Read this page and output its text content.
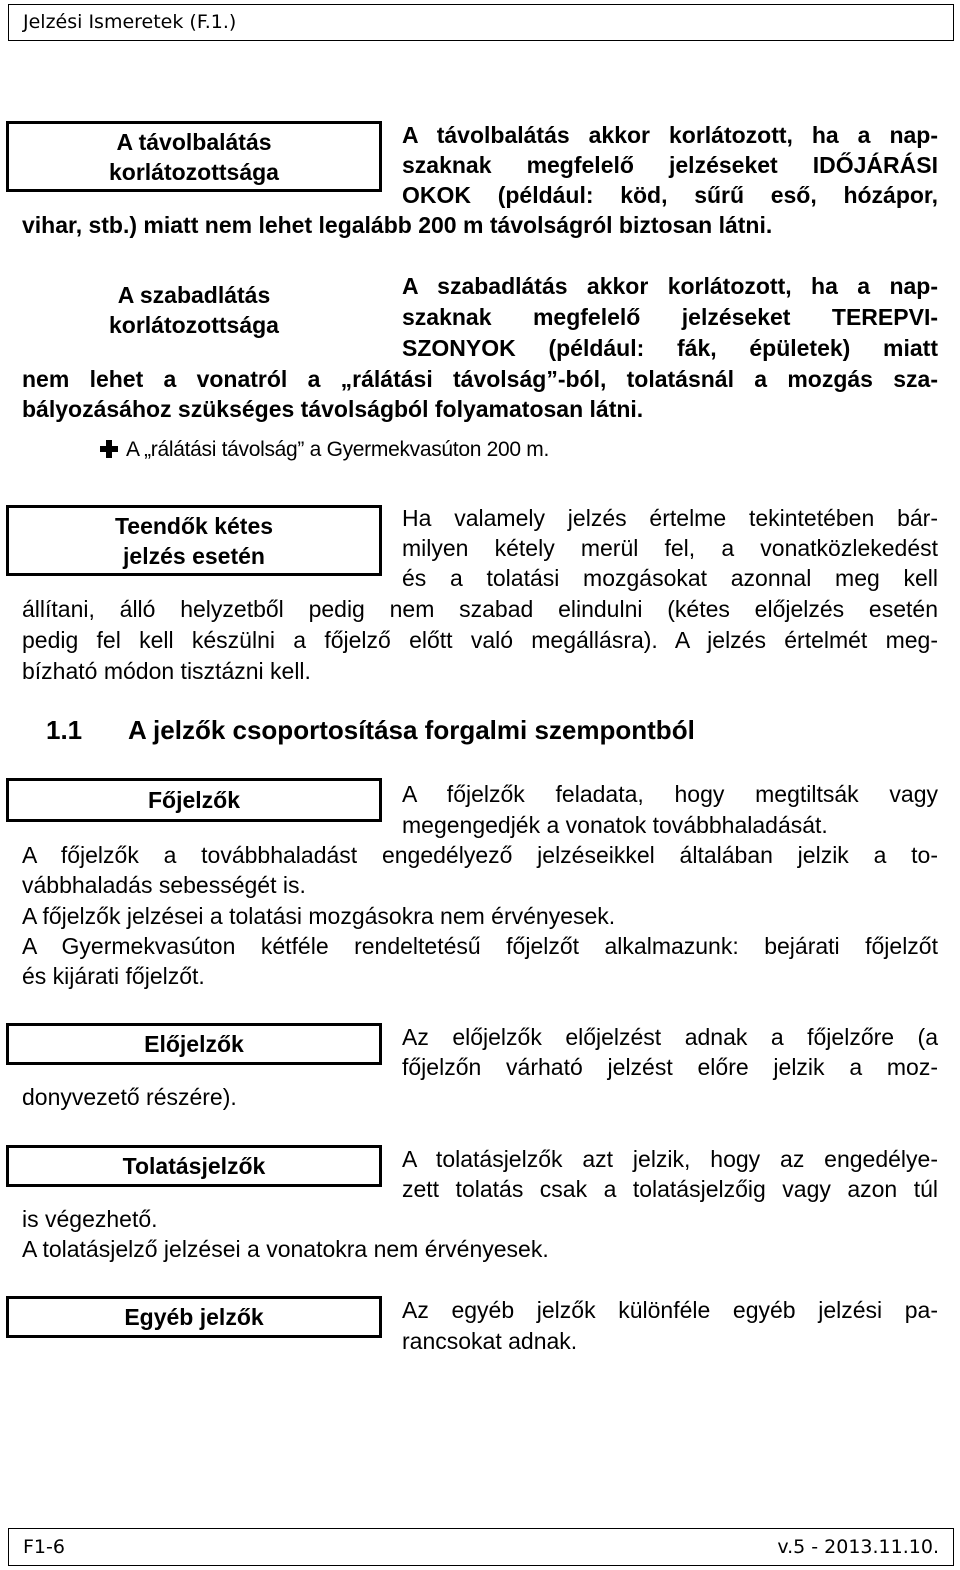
Jelzési Ismeretek (F.1.)
A távolbalátás
korlátozottsága
A távolbalátás akkor korlátozott, ha a nap-
szaknak megfelelő jelzéseket IDŐJÁRÁSI
OKOK (például: köd, sűrű eső, hózápor,
vihar, stb.) miatt nem lehet legalább 200 m távolságról biztosan látni.
A szabadlátás
korlátozottsága
A szabadlátás akkor korlátozott, ha a nap-
szaknak megfelelő jelzéseket TEREPVI-
SZONYOK (például: fák, épületek) miatt
nem lehet a vonatról a „rálátási távolság”-ból, tolatásnál a mozgás sza-
bályozásához szükséges távolságból folyamatosan látni.
A „rálátási távolság” a Gyermekvasúton 200 m.
Teendők kétes
jelzés esetén
Ha valamely jelzés értelme tekintetében bár-
milyen kétely merül fel, a vonatközlekedést
és a tolatási mozgásokat azonnal meg kell
állítani, álló helyzetből pedig nem szabad elindulni (kétes előjelzés esetén
pedig fel kell készülni a főjelző előtt való megállásra). A jelzés értelmét meg-
bízható módon tisztázni kell.
1.1 A jelzők csoportosítása forgalmi szempontból
Főjelzők	A főjelzők feladata, hogy megtiltsák vagy
megengedjék a vonatok továbbhaladását.
A főjelzők a továbbhaladást engedélyező jelzéseikkel általában jelzik a to-
vábbhaladás sebességét is.
A főjelzők jelzései a tolatási mozgásokra nem érvényesek.
A Gyermekvasúton kétféle rendeltetésű főjelzőt alkalmazunk: bejárati főjelzőt
és kijárati főjelzőt.
Előjelzők	Az előjelzők előjelzést adnak a főjelzőre (a
főjelzőn várható jelzést előre jelzik a moz-
donyvezető részére).
Tolatásjelzők	A tolatásjelzők azt jelzik, hogy az engedélye-
zett tolatás csak a tolatásjelzőig vagy azon túl
is végezhető.
A tolatásjelző jelzései a vonatokra nem érvényesek.
Egyéb jelzők	Az egyéb jelzők különféle egyéb jelzési pa-
rancsokat adnak.
F1-6	v.5 - 2013.11.10.
